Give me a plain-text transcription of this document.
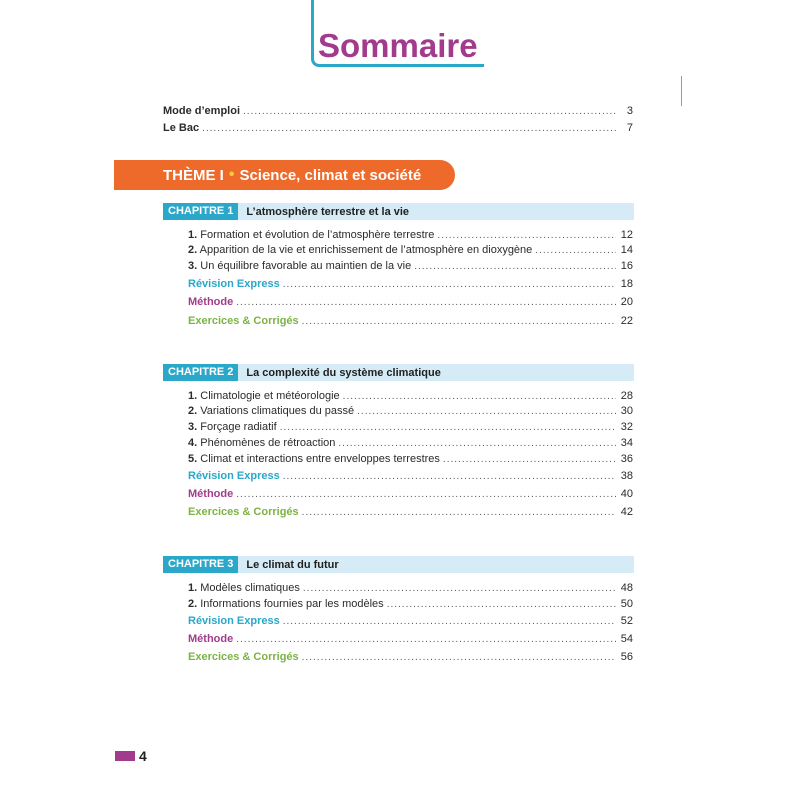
Sommaire
Mode d’emploi .....	3
Le Bac .....	7
THÈME I • Science, climat et société
CHAPITRE 1	L’atmosphère terrestre et la vie
1. Formation et évolution de l’atmosphère terrestre .....	12
2. Apparition de la vie et enrichissement de l’atmosphère en dioxygène .....	14
3. Un équilibre favorable au maintien de la vie .....	16
Révision Express .....	18
Méthode .....	20
Exercices & Corrigés .....	22
CHAPITRE 2	La complexité du système climatique
1. Climatologie et météorologie .....	28
2. Variations climatiques du passé .....	30
3. Forçage radiatif .....	32
4. Phénomènes de rétroaction .....	34
5. Climat et interactions entre enveloppes terrestres .....	36
Révision Express .....	38
Méthode .....	40
Exercices & Corrigés .....	42
CHAPITRE 3	Le climat du futur
1. Modèles climatiques .....	48
2. Informations fournies par les modèles .....	50
Révision Express .....	52
Méthode .....	54
Exercices & Corrigés .....	56
4
